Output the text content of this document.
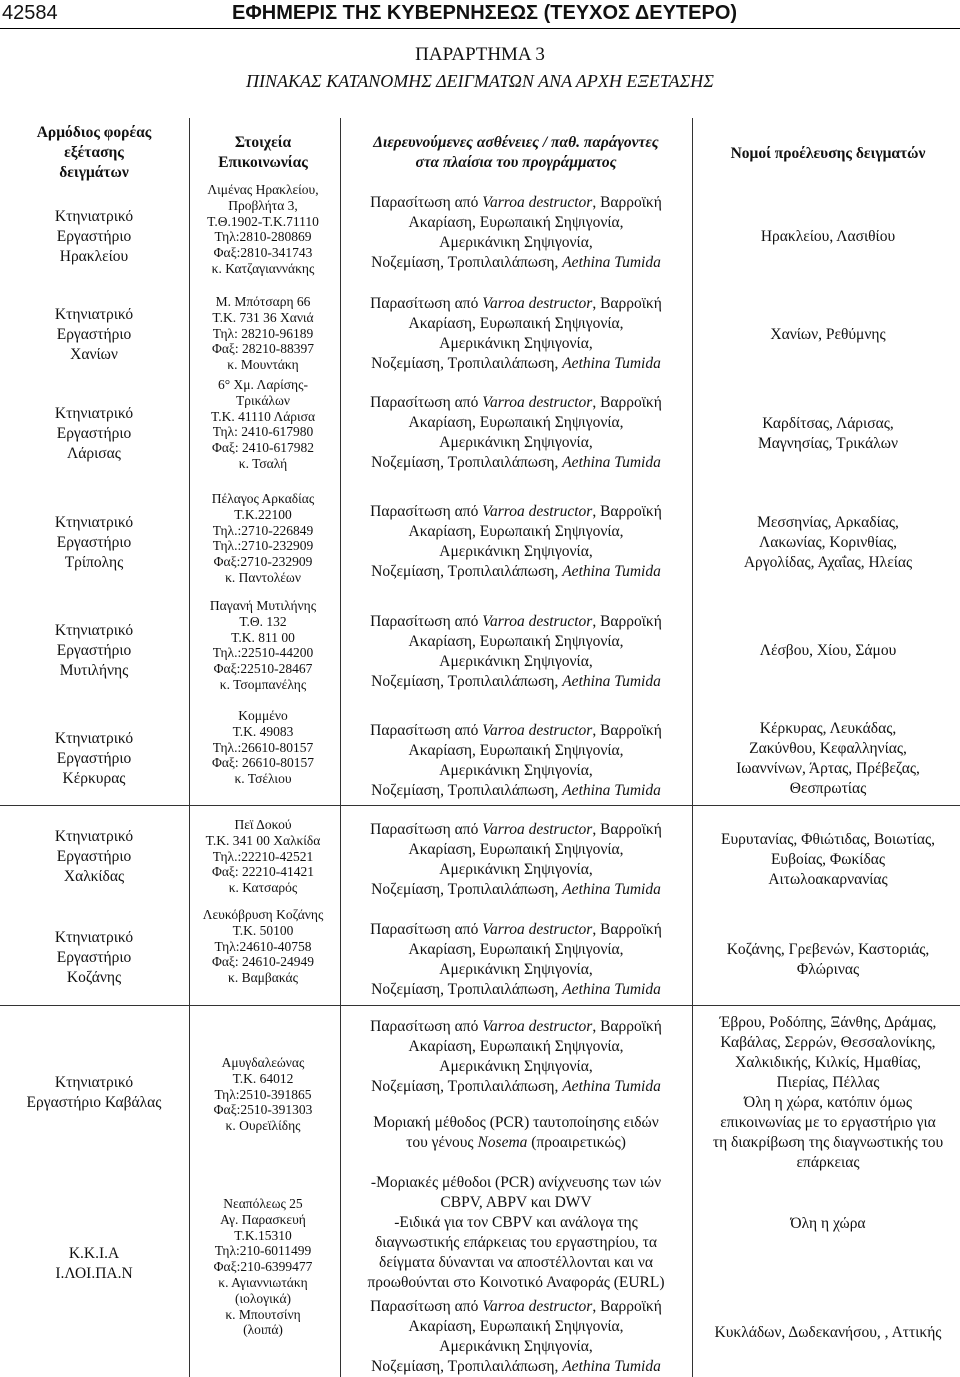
42584	ΕΦΗΜΕΡΙΣ ΤΗΣ ΚΥΒΕΡΝΗΣΕΩΣ (ΤΕΥΧΟΣ ΔΕΥΤΕΡΟ)
ΠΑΡΑΡΤΗΜΑ 3
ΠΙΝΑΚΑΣ ΚΑΤΑΝΟΜΗΣ ΔΕΙΓΜΑΤΩΝ ΑΝΑ ΑΡΧΗ ΕΞΕΤΑΣΗΣ
Αρμόδιος φορέας εξέτασης δειγμάτων
Στοιχεία Επικοινωνίας
Διερευνούμενες ασθένειες / παθ. παράγοντες
στα πλαίσια του προγράμματος
Νομοί προέλευσης δειγματών
Κτηνιατρικό
Εργαστήριο
Ηρακλείου
Κτηνιατρικό
Εργαστήριο
Χανίων
Κτηνιατρικό
Εργαστήριο
Λάρισας
Κτηνιατρικό
Εργαστήριο
Τρίπολης
Κτηνιατρικό
Εργαστήριο
Μυτιλήνης
Κτηνιατρικό
Εργαστήριο
Κέρκυρας
Κτηνιατρικό
Εργαστήριο
Χαλκίδας
Κτηνιατρικό
Εργαστήριο
Κοζάνης
Κτηνιατρικό
Εργαστήριο Καβάλας
Κ.Κ.Ι.Α
Ι.ΛΟΙ.ΠΑ.Ν
Λιμένας Ηρακλείου,
Προβλήτα 3,
Τ.Θ.1902-Τ.Κ.71110
Τηλ:2810-280869
Φαξ:2810-341743
κ. Κατζαγιαννάκης
Μ. Μπότσαρη 66
Τ.Κ. 731 36 Χανιά
Τηλ: 28210-96189
Φαξ: 28210-88397
κ. Μουντάκη
6° Χμ. Λαρίσης-
Τρικάλων
Τ.Κ. 41110 Λάρισα
Τηλ: 2410-617980
Φαξ: 2410-617982
κ. Τσαλή
Πέλαγος Αρκαδίας
Τ.Κ.22100
Τηλ.:2710-226849
Τηλ.:2710-232909
Φαξ:2710-232909
κ. Παντολέων
Παγανή Μυτιλήνης
Τ.Θ. 132
Τ.Κ. 811 00
Τηλ.:22510-44200
Φαξ:22510-28467
κ. Τσομπανέλης
Κομμένο
Τ.Κ. 49083
Τηλ.:26610-80157
Φαξ: 26610-80157
κ. Τσέλιου
Πεϊ Δοκού
Τ.Κ. 341 00 Χαλκίδα
Τηλ.:22210-42521
Φαξ: 22210-41421
κ. Κατσαρός
Λευκόβρυση Κοζάνης
Τ.Κ. 50100
Τηλ:24610-40758
Φαξ: 24610-24949
κ. Βαμβακάς
Αμυγδαλεώνας
Τ.Κ. 64012
Τηλ:2510-391865
Φαξ:2510-391303
κ. Ουρεϊλίδης
Νεαπόλεως 25
Αγ. Παρασκευή
Τ.Κ.15310
Τηλ:210-6011499
Φαξ:210-6399477
κ. Αγιαννιωτάκη
(ιολογικά)
κ. Μπουτσίνη
(λοιπά)
Παρασίτωση από Varroa destructor, Βαρροϊκή
Ακαρίαση, Ευρωπαική Σηψιγονία,
Αμερικάνικη Σηψιγονία,
Νοζεμίαση, Τροπιλαιλάπωση, Aethina Tumida
Παρασίτωση από Varroa destructor, Βαρροϊκή
Ακαρίαση, Ευρωπαική Σηψιγονία,
Αμερικάνικη Σηψιγονία,
Νοζεμίαση, Τροπιλαιλάπωση, Aethina Tumida
Παρασίτωση από Varroa destructor, Βαρροϊκή
Ακαρίαση, Ευρωπαική Σηψιγονία,
Αμερικάνικη Σηψιγονία,
Νοζεμίαση, Τροπιλαιλάπωση, Aethina Tumida
Παρασίτωση από Varroa destructor, Βαρροϊκή
Ακαρίαση, Ευρωπαική Σηψιγονία,
Αμερικάνικη Σηψιγονία,
Νοζεμίαση, Τροπιλαιλάπωση, Aethina Tumida
Παρασίτωση από Varroa destructor, Βαρροϊκή
Ακαρίαση, Ευρωπαική Σηψιγονία,
Αμερικάνικη Σηψιγονία,
Νοζεμίαση, Τροπιλαιλάπωση, Aethina Tumida
Παρασίτωση από Varroa destructor, Βαρροϊκή
Ακαρίαση, Ευρωπαική Σηψιγονία,
Αμερικάνικη Σηψιγονία,
Νοζεμίαση, Τροπιλαιλάπωση, Aethina Tumida
Παρασίτωση από Varroa destructor, Βαρροϊκή
Ακαρίαση, Ευρωπαική Σηψιγονία,
Αμερικάνικη Σηψιγονία,
Νοζεμίαση, Τροπιλαιλάπωση, Aethina Tumida
Παρασίτωση από Varroa destructor, Βαρροϊκή
Ακαρίαση, Ευρωπαική Σηψιγονία,
Αμερικάνικη Σηψιγονία,
Νοζεμίαση, Τροπιλαιλάπωση, Aethina Tumida
Παρασίτωση από Varroa destructor, Βαρροϊκή
Ακαρίαση, Ευρωπαική Σηψιγονία,
Αμερικάνικη Σηψιγονία,
Νοζεμίαση, Τροπιλαιλάπωση, Aethina Tumida
Παρασίτωση από Varroa destructor, Βαρροϊκή
Ακαρίαση, Ευρωπαική Σηψιγονία,
Αμερικάνικη Σηψιγονία,
Νοζεμίαση, Τροπιλαιλάπωση, Aethina Tumida
Μοριακή μέθοδος (PCR) ταυτοποίησης ειδών
του γένους Nosema (προαιρετικώς)
-Μοριακές μέθοδοι (PCR) ανίχνευσης των ιών
CBPV, ABPV και DWV
-Ειδικά για τον CBPV και ανάλογα της
διαγνωστικής επάρκειας του εργαστηρίου, τα
δείγματα δύνανται να αποστέλλονται και να
προωθούνται στο Κοινοτικό Αναφοράς (EURL)
Ηρακλείου, Λασιθίου
Χανίων, Ρεθύμνης
Καρδίτσας, Λάρισας,
Μαγνησίας, Τρικάλων
Μεσσηνίας, Αρκαδίας,
Λακωνίας, Κορινθίας,
Αργολίδας, Αχαΐας, Ηλείας
Λέσβου, Χίου, Σάμου
Κέρκυρας, Λευκάδας,
Ζακύνθου, Κεφαλληνίας,
Ιωαννίνων, Άρτας, Πρέβεζας,
Θεσπρωτίας
Ευρυτανίας, Φθιώτιδας, Βοιωτίας,
Ευβοίας, Φωκίδας
Αιτωλοακαρνανίας
Κοζάνης, Γρεβενών, Καστοριάς,
Φλώρινας
Έβρου, Ροδόπης, Ξάνθης, Δράμας,
Καβάλας, Σερρών, Θεσσαλονίκης,
Χαλκιδικής, Κιλκίς, Ημαθίας,
Πιερίας, Πέλλας
Όλη η χώρα, κατόπιν όμως
επικοινωνίας με το εργαστήριο για
τη διακρίβωση της διαγνωστικής του
επάρκειας
Όλη η χώρα
Κυκλάδων, Δωδεκανήσου, , Αττικής
